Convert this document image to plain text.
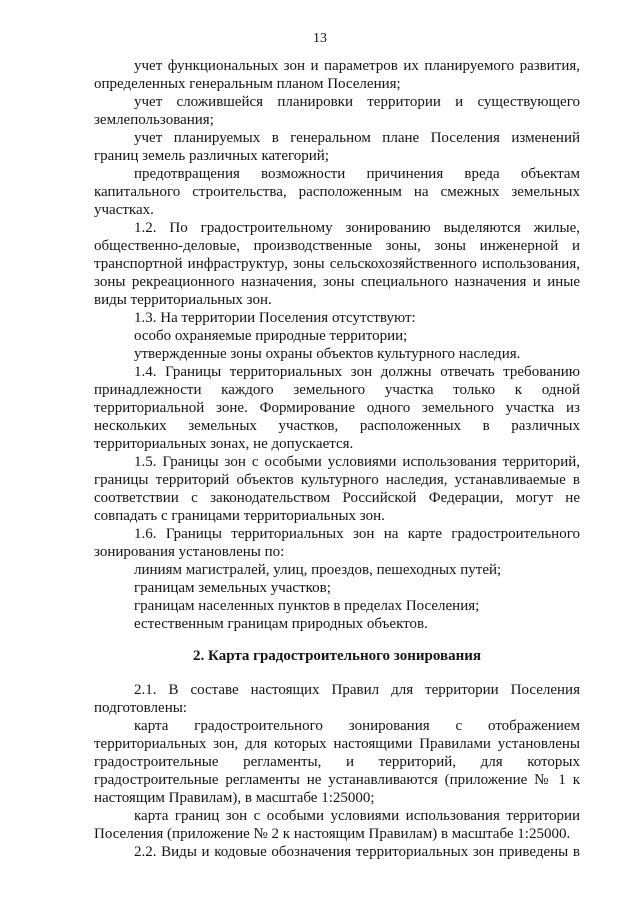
13

учет функциональных зон и параметров их планируемого развития, определенных генеральным планом Поселения;

учет сложившейся планировки территории и существующего землепользования;

учет планируемых в генеральном плане Поселения изменений границ земель различных категорий;

предотвращения возможности причинения вреда объектам капитального строительства, расположенным на смежных земельных участках.

1.2. По градостроительному зонированию выделяются жилые, общественно-деловые, производственные зоны, зоны инженерной и транспортной инфраструктур, зоны сельскохозяйственного использования, зоны рекреационного назначения, зоны специального назначения и иные виды территориальных зон.

1.3. На территории Поселения отсутствуют:

особо охраняемые природные территории;

утвержденные зоны охраны объектов культурного наследия.

1.4. Границы территориальных зон должны отвечать требованию принадлежности каждого земельного участка только к одной территориальной зоне. Формирование одного земельного участка из нескольких земельных участков, расположенных в различных территориальных зонах, не допускается.

1.5. Границы зон с особыми условиями использования территорий, границы территорий объектов культурного наследия, устанавливаемые в соответствии с законодательством Российской Федерации, могут не совпадать с границами территориальных зон.

1.6. Границы территориальных зон на карте градостроительного зонирования установлены по:

линиям магистралей, улиц, проездов, пешеходных путей;

границам земельных участков;

границам населенных пунктов в пределах Поселения;

естественным границам природных объектов.

2. Карта градостроительного зонирования

2.1. В составе настоящих Правил для территории Поселения подготовлены:

карта градостроительного зонирования с отображением территориальных зон, для которых настоящими Правилами установлены градостроительные регламенты, и территорий, для которых градостроительные регламенты не устанавливаются (приложение № 1 к настоящим Правилам), в масштабе 1:25000;

карта границ зон с особыми условиями использования территории Поселения (приложение № 2 к настоящим Правилам) в масштабе 1:25000.

2.2. Виды и кодовые обозначения территориальных зон приведены в
